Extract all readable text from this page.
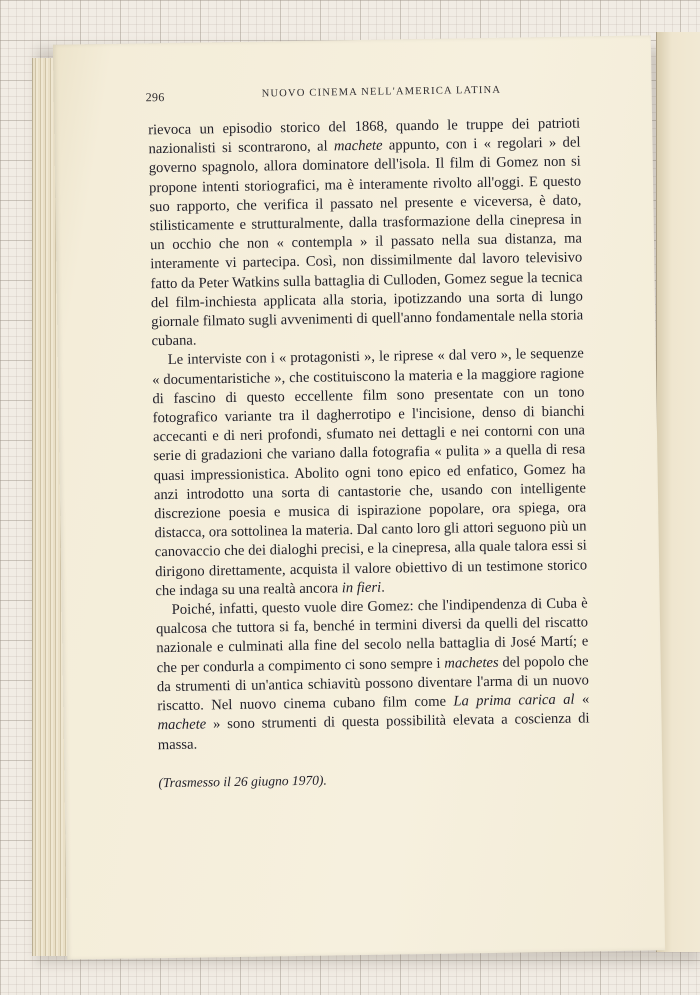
296	NUOVO CINEMA NELL'AMERICA LATINA

rievoca un episodio storico del 1868, quando le truppe dei patrioti nazionalisti si scontrarono, al machete appunto, con i « regolari » del governo spagnolo, allora dominatore dell'isola. Il film di Gomez non si propone intenti storiografici, ma è interamente rivolto all'oggi. E questo suo rapporto, che verifica il passato nel presente e viceversa, è dato, stilisticamente e strutturalmente, dalla trasformazione della cinepresa in un occhio che non « contempla » il passato nella sua distanza, ma interamente vi partecipa. Così, non dissimilmente dal lavoro televisivo fatto da Peter Watkins sulla battaglia di Culloden, Gomez segue la tecnica del film-inchiesta applicata alla storia, ipotizzando una sorta di lungo giornale filmato sugli avvenimenti di quell'anno fondamentale nella storia cubana.

Le interviste con i « protagonisti », le riprese « dal vero », le sequenze « documentaristiche », che costituiscono la materia e la maggiore ragione di fascino di questo eccellente film sono presentate con un tono fotografico variante tra il dagherrotipo e l'incisione, denso di bianchi accecanti e di neri profondi, sfumato nei dettagli e nei contorni con una serie di gradazioni che variano dalla fotografia « pulita » a quella di resa quasi impressionistica. Abolito ogni tono epico ed enfatico, Gomez ha anzi introdotto una sorta di cantastorie che, usando con intelligente discrezione poesia e musica di ispirazione popolare, ora spiega, ora distacca, ora sottolinea la materia. Dal canto loro gli attori seguono più un canovaccio che dei dialoghi precisi, e la cinepresa, alla quale talora essi si dirigono direttamente, acquista il valore obiettivo di un testimone storico che indaga su una realtà ancora in fieri.

Poiché, infatti, questo vuole dire Gomez: che l'indipendenza di Cuba è qualcosa che tuttora si fa, benché in termini diversi da quelli del riscatto nazionale e culminati alla fine del secolo nella battaglia di José Martí; e che per condurla a compimento ci sono sempre i machetes del popolo che da strumenti di un'antica schiavitù possono diventare l'arma di un nuovo riscatto. Nel nuovo cinema cubano film come La prima carica al « machete » sono strumenti di questa possibilità elevata a coscienza di massa.

(Trasmesso il 26 giugno 1970).
